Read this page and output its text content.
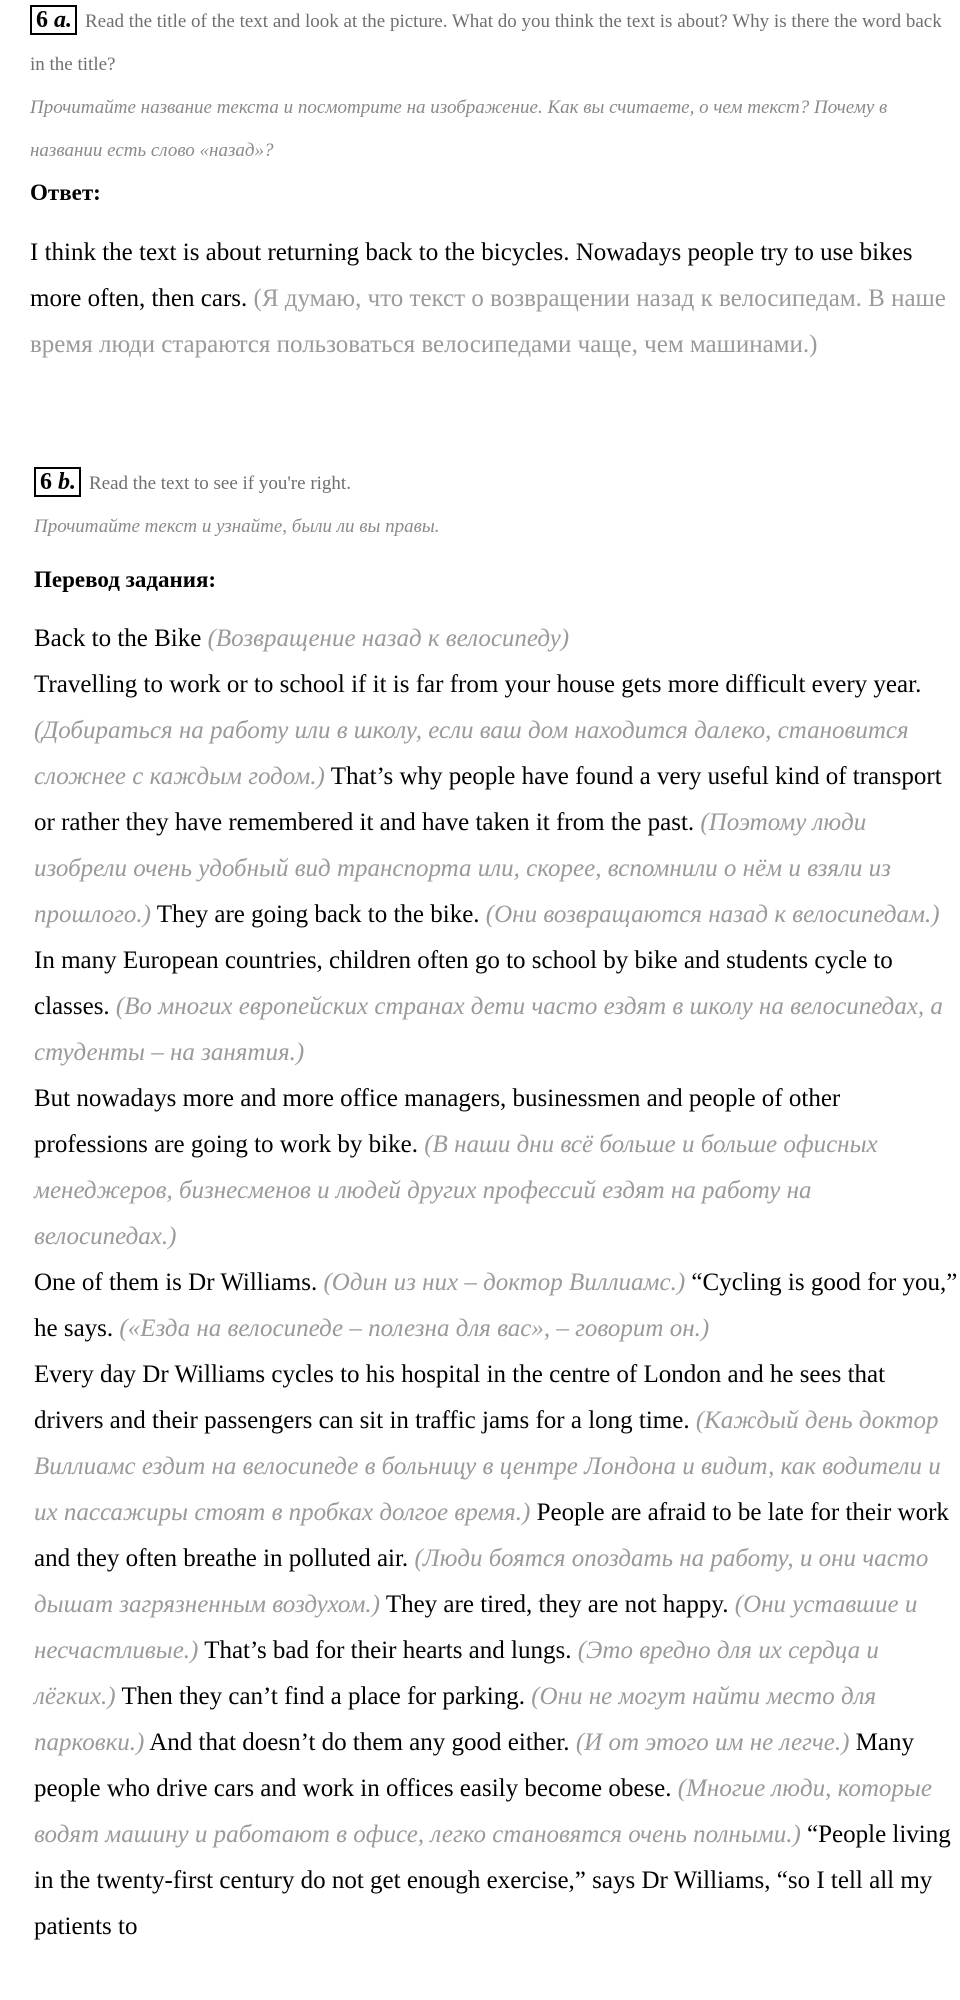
6 a. Read the title of the text and look at the picture. What do you think the text is about? Why is there the word back in the title?
Прочитайте название текста и посмотрите на изображение. Как вы считаете, о чем текст? Почему в названии есть слово «назад»?
Ответ:
I think the text is about returning back to the bicycles. Nowadays people try to use bikes more often, then cars. (Я думаю, что текст о возвращении назад к велосипедам. В наше время люди стараются пользоваться велосипедами чаще, чем машинами.)
6 b. Read the text to see if you're right.
Прочитайте текст и узнайте, были ли вы правы.
Перевод задания:

Back to the Bike (Возвращение назад к велосипеду)

Travelling to work or to school if it is far from your house gets more difficult every year. (Добираться на работу или в школу, если ваш дом находится далеко, становится сложнее с каждым годом.) That’s why people have found a very useful kind of transport or rather they have remembered it and have taken it from the past. (Поэтому люди изобрели очень удобный вид транспорта или, скорее, вспомнили о нём и взяли из прошлого.) They are going back to the bike. (Они возвращаются назад к велосипедам.)

In many European countries, children often go to school by bike and students cycle to classes. (Во многих европейских странах дети часто ездят в школу на велосипедах, а студенты – на занятия.)

But nowadays more and more office managers, businessmen and people of other professions are going to work by bike. (В наши дни всё больше и больше офисных менеджеров, бизнесменов и людей других профессий ездят на работу на велосипедах.)

One of them is Dr Williams. (Один из них – доктор Виллиамс.) “Cycling is good for you,” he says. («Езда на велосипеде – полезна для вас», – говорит он.)

Every day Dr Williams cycles to his hospital in the centre of London and he sees that drivers and their passengers can sit in traffic jams for a long time. (Каждый день доктор Виллиамс ездит на велосипеде в больницу в центре Лондона и видит, как водители и их пассажиры стоят в пробках долгое время.) People are afraid to be late for their work and they often breathe in polluted air. (Люди боятся опоздать на работу, и они часто дышат загрязненным воздухом.) They are tired, they are not happy. (Они уставшие и несчастливые.) That’s bad for their hearts and lungs. (Это вредно для их сердца и лёгких.) Then they can’t find a place for parking. (Они не могут найти место для парковки.) And that doesn’t do them any good either. (И от этого им не легче.) Many people who drive cars and work in offices easily become obese. (Многие люди, которые водят машину и работают в офисе, легко становятся очень полными.) “People living in the twenty-first century do not get enough exercise,” says Dr Williams, “so I tell all my patients to
